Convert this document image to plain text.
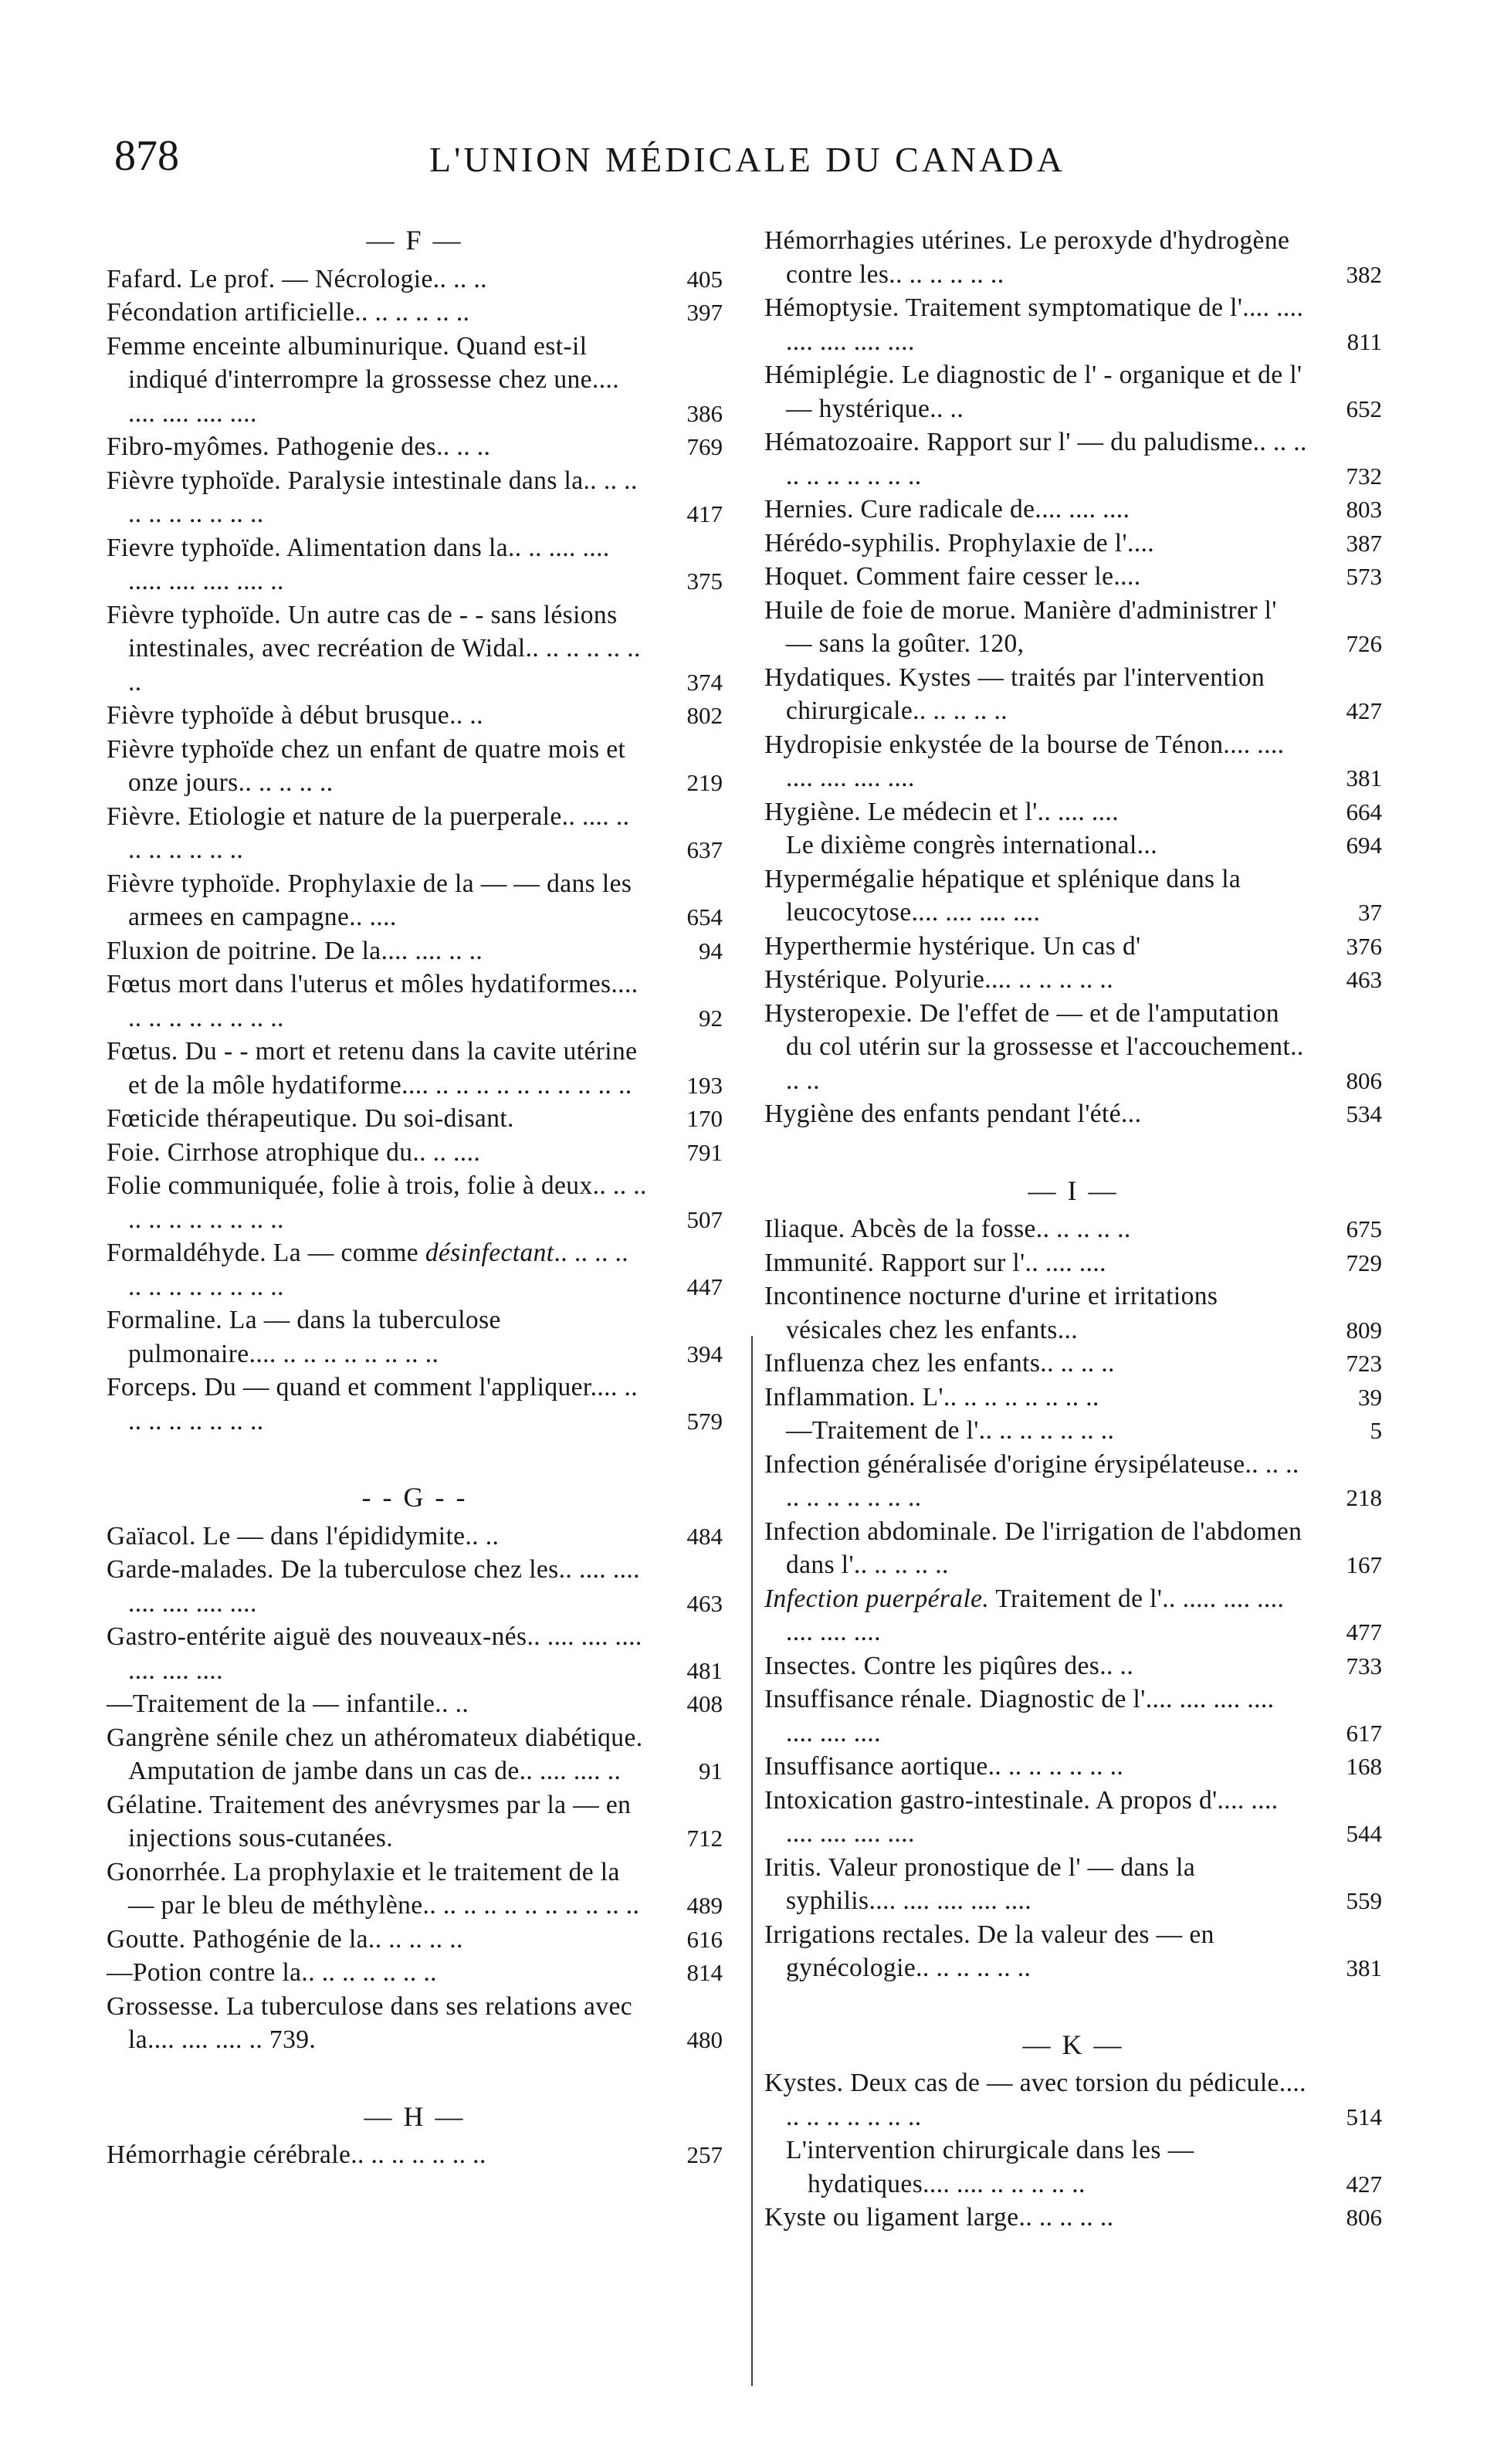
878	L'UNION MÉDICALE DU CANADA
— F —
Fafard. Le prof. — Nécrologie.. .. ..	405
Fécondation artificielle.. .. .. .. .. ..	397
Femme enceinte albuminurique. Quand est-il indiqué d'interrompre la grossesse chez une.... .... .... .... ....	386
Fibro-myômes. Pathogenie des.. .. ..	769
Fièvre typhoïde. Paralysie intestinale dans la.. .. .. .. .. .. .. .. .. ..	417
Fievre typhoïde. Alimentation dans la.. .. .... .... ..... .... .... .... ..	375
Fièvre typhoïde. Un autre cas de - - sans lésions intestinales, avec recréation de Widal.. .. .. .. .. .. ..	374
Fièvre typhoïde à début brusque.. ..	802
Fièvre typhoïde chez un enfant de quatre mois et onze jours.. .. .. .. ..	219
Fièvre. Etiologie et nature de la puerperale.. .... .. .. .. .. .. .. ..	637
Fièvre typhoïde. Prophylaxie de la — — dans les armees en campagne.. ....	654
Fluxion de poitrine. De la.... .... .. ..	94
Fœtus mort dans l'uterus et môles hydatiformes.... .. .. .. .. .. .. .. ..	92
Fœtus. Du - - mort et retenu dans la cavite utérine et de la môle hydatiforme.... .. .. .. .. .. .. .. .. .. ..	193
Fœticide thérapeutique. Du soi-disant.	170
Foie. Cirrhose atrophique du.. .. ....	791
Folie communiquée, folie à trois, folie à deux.. .. .. .. .. .. .. .. .. .. ..	507
Formaldéhyde. La — comme désinfectant.. .. .. .. .. .. .. .. .. .. .. ..	447
Formaline. La — dans la tuberculose pulmonaire.... .. .. .. .. .. .. .. ..	394
Forceps. Du — quand et comment l'appliquer.... .. .. .. .. .. .. .. ..	579
- - G - -
Gaïacol. Le — dans l'épididymite.. ..	484
Garde-malades. De la tuberculose chez les.. .... .... .... .... .... ....	463
Gastro-entérite aiguë des nouveaux-nés.. .... .... .... .... .... ....	481
—Traitement de la — infantile.. ..	408
Gangrène sénile chez un athéromateux diabétique. Amputation de jambe dans un cas de.. .... .... ..	91
Gélatine. Traitement des anévrysmes par la — en injections sous-cutanées.	712
Gonorrhée. La prophylaxie et le traitement de la — par le bleu de méthylène.. .. .. .. .. .. .. .. .. .. ..	489
Goutte. Pathogénie de la.. .. .. .. ..	616
—Potion contre la.. .. .. .. .. .. ..	814
Grossesse. La tuberculose dans ses relations avec la.... .... .... .. 739.	480
— H —
Hémorrhagie cérébrale.. .. .. .. .. .. ..	257
Hémorrhagies utérines. Le peroxyde d'hydrogène contre les.. .. .. .. .. ..	382
Hémoptysie. Traitement symptomatique de l'.... .... .... .... .... ....	811
Hémiplégie. Le diagnostic de l' - organique et de l' — hystérique.. ..	652
Hématozoaire. Rapport sur l' — du paludisme.. .. .. .. .. .. .. .. .. ..	732
Hernies. Cure radicale de.... .... ....	803
Hérédo-syphilis. Prophylaxie de l'....	387
Hoquet. Comment faire cesser le....	573
Huile de foie de morue. Manière d'administrer l' — sans la goûter. 120,	726
Hydatiques. Kystes — traités par l'intervention chirurgicale.. .. .. .. ..	427
Hydropisie enkystée de la bourse de Ténon.... .... .... .... .... ....	381
Hygiène. Le médecin et l'.. .... ....	664
Le dixième congrès international...	694
Hypermégalie hépatique et splénique dans la leucocytose.... .... .... ....	37
Hyperthermie hystérique. Un cas d'	376
Hystérique. Polyurie.... .. .. .. .. ..	463
Hysteropexie. De l'effet de — et de l'amputation du col utérin sur la grossesse et l'accouchement.. .. ..	806
Hygiène des enfants pendant l'été...	534
— I —
Iliaque. Abcès de la fosse.. .. .. .. ..	675
Immunité. Rapport sur l'.. .... ....	729
Incontinence nocturne d'urine et irritations vésicales chez les enfants...	809
Influenza chez les enfants.. .. .. ..	723
Inflammation. L'.. .. .. .. .. .. .. ..	39
—Traitement de l'.. .. .. .. .. .. ..	5
Infection généralisée d'origine érysipélateuse.. .. .. .. .. .. .. .. .. ..	218
Infection abdominale. De l'irrigation de l'abdomen dans l'.. .. .. .. ..	167
Infection puerpérale. Traitement de l'.. ..... .... .... .... .... ....	477
Insectes. Contre les piqûres des.. ..	733
Insuffisance rénale. Diagnostic de l'.... .... .... .... .... .... ....	617
Insuffisance aortique.. .. .. .. .. .. ..	168
Intoxication gastro-intestinale. A propos d'.... .... .... .... .... ....	544
Iritis. Valeur pronostique de l' — dans la syphilis.... .... .... .... ....	559
Irrigations rectales. De la valeur des — en gynécologie.. .. .. .. .. ..	381
— K —
Kystes. Deux cas de — avec torsion du pédicule.... .. .. .. .. .. .. ..	514
L'intervention chirurgicale dans les — hydatiques.... .... .. .. .. .. ..	427
Kyste ou ligament large.. .. .. .. ..	806
